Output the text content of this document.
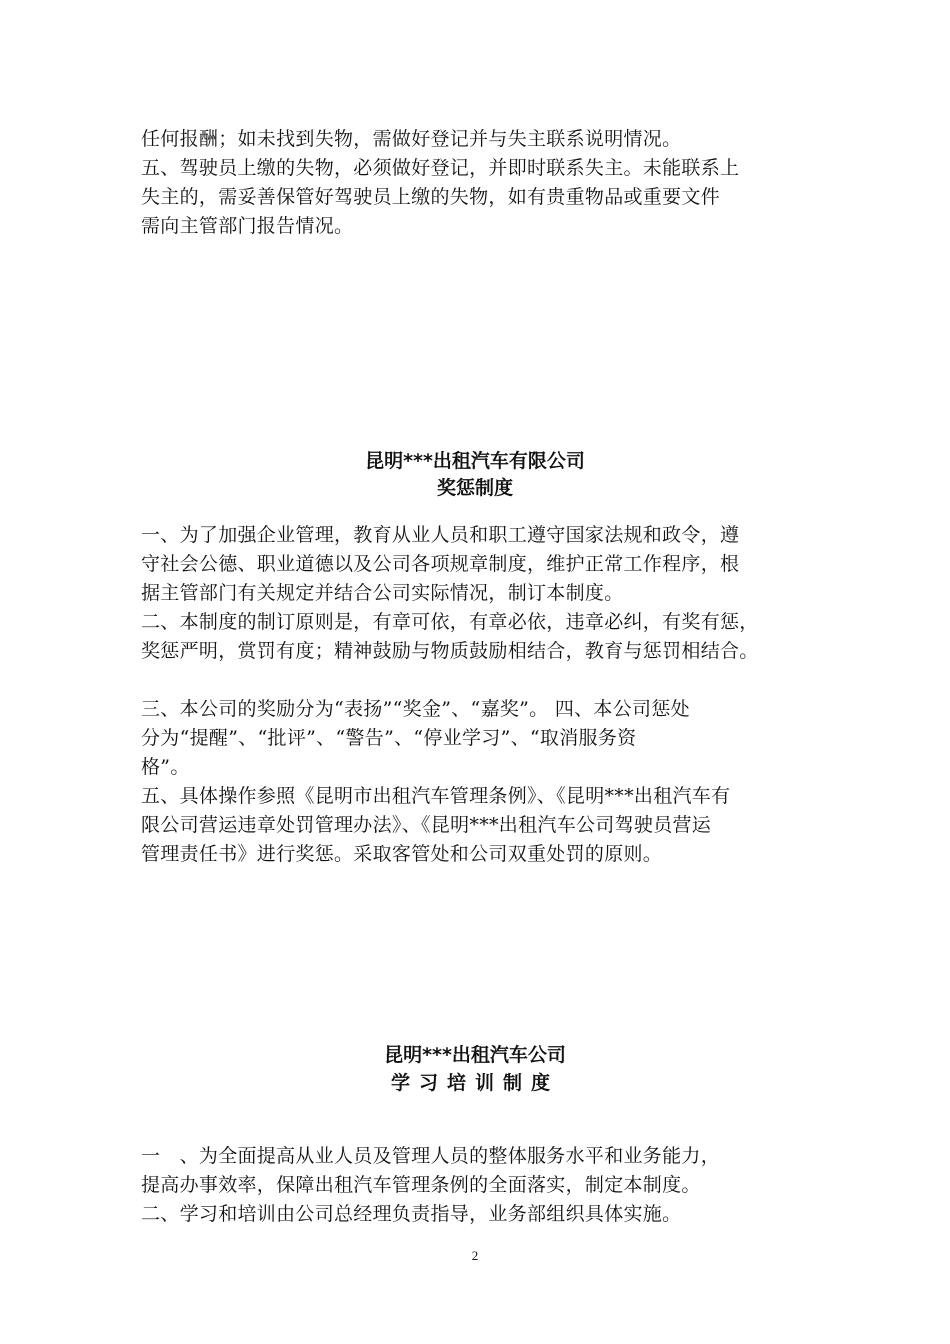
任何报酬；如未找到失物，需做好登记并与失主联系说明情况。
五、驾驶员上缴的失物，必须做好登记，并即时联系失主。未能联系上
失主的，需妥善保管好驾驶员上缴的失物，如有贵重物品或重要文件
需向主管部门报告情况。
昆明***出租汽车有限公司
奖惩制度
一、为了加强企业管理，教育从业人员和职工遵守国家法规和政令，遵
守社会公德、职业道德以及公司各项规章制度，维护正常工作程序，根
据主管部门有关规定并结合公司实际情况，制订本制度。
二、本制度的制订原则是，有章可依，有章必依，违章必纠，有奖有惩，
奖惩严明，赏罚有度；精神鼓励与物质鼓励相结合，教育与惩罚相结合。

三、本公司的奖励分为“表扬”“奖金”、“嘉奖”。 四、本公司惩处
分为“提醒”、“批评”、“警告”、“停业学习”、“取消服务资
格”。
五、具体操作参照《昆明市出租汽车管理条例》、《昆明***出租汽车有
限公司营运违章处罚管理办法》、《昆明***出租汽车公司驾驶员营运
管理责任书》进行奖惩。采取客管处和公司双重处罚的原则。
昆明***出租汽车公司
学习培训制度
一　、为全面提高从业人员及管理人员的整体服务水平和业务能力，
提高办事效率，保障出租汽车管理条例的全面落实，制定本制度。
二、学习和培训由公司总经理负责指导，业务部组织具体实施。
2
